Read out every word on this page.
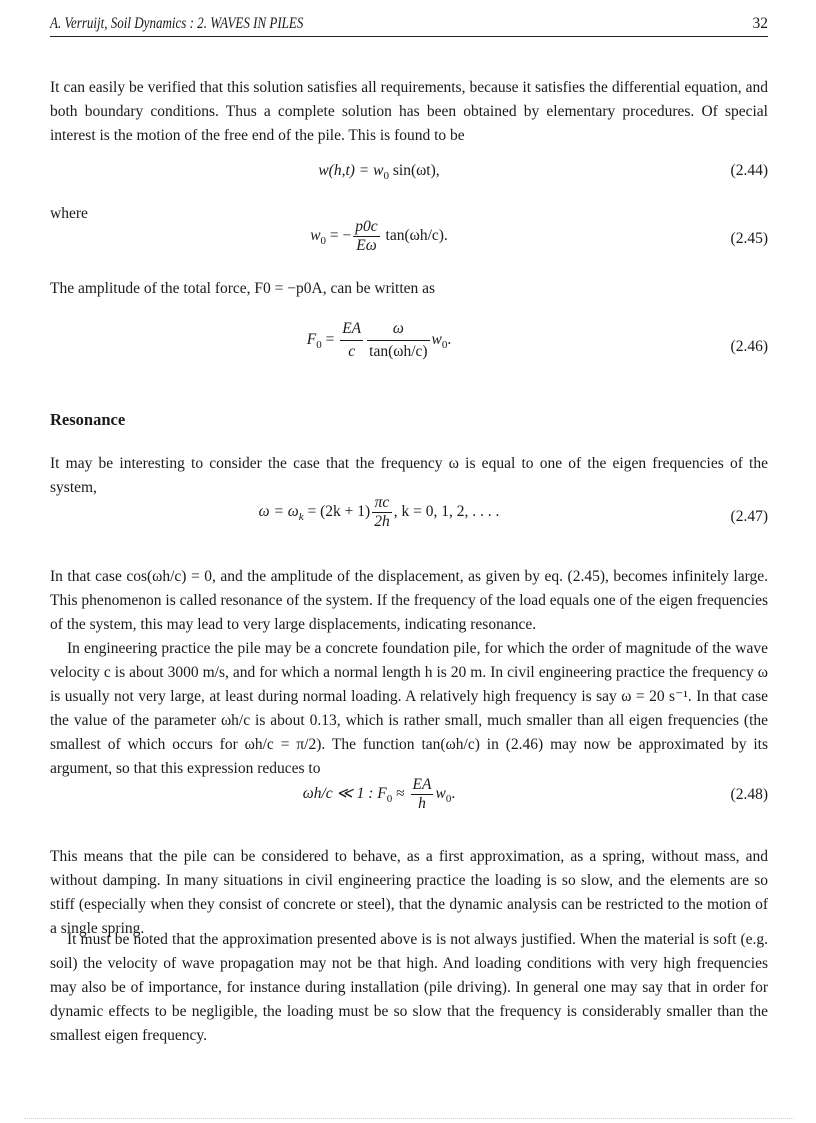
A. Verruijt, Soil Dynamics : 2. WAVES IN PILES	32

It can easily be verified that this solution satisfies all requirements, because it satisfies the differential equation, and both boundary conditions. Thus a complete solution has been obtained by elementary procedures. Of special interest is the motion of the free end of the pile. This is found to be

$w(h,t) = w_0$ sin(ωt),	(2.44)

where

$w_0$ = − $\frac{p0c}{E\omega} \tan(\omega h/c)$.	(2.45)

The amplitude of the total force, F0 = −p0A, can be written as

$F_0 = \frac{EA}{c} \frac{\omega}{\tan(\omega h/c)} w_0$.	(2.46)
Resonance

It may be interesting to consider the case that the frequency ω is equal to one of the eigen frequencies of the system,

$\omega = \omega_k = (2k + 1) \frac{\pi c}{2h}$ , k = 0, 1, 2, . . . .	(2.47)

In that case cos(ωh/c) = 0, and the amplitude of the displacement, as given by eq. (2.45), becomes infinitely large. This phenomenon is called resonance of the system. If the frequency of the load equals one of the eigen frequencies of the system, this may lead to very large displacements, indicating resonance.

In engineering practice the pile may be a concrete foundation pile, for which the order of magnitude of the wave velocity c is about 3000 m/s, and for which a normal length h is 20 m. In civil engineering practice the frequency ω is usually not very large, at least during normal loading. A relatively high frequency is say ω = 20 s⁻¹. In that case the value of the parameter ωh/c is about 0.13, which is rather small, much smaller than all eigen frequencies (the smallest of which occurs for ωh/c = π/2). The function tan(ωh/c) in (2.46) may now be approximated by its argument, so that this expression reduces to

ωh/c ≪ 1 : $F_0 \approx \frac{EA}{h} w_0$.	(2.48)

This means that the pile can be considered to behave, as a first approximation, as a spring, without mass, and without damping. In many situations in civil engineering practice the loading is so slow, and the elements are so stiff (especially when they consist of concrete or steel), that the dynamic analysis can be restricted to the motion of a single spring.

It must be noted that the approximation presented above is is not always justified. When the material is soft (e.g. soil) the velocity of wave propagation may not be that high. And loading conditions with very high frequencies may also be of importance, for instance during installation (pile driving). In general one may say that in order for dynamic effects to be negligible, the loading must be so slow that the frequency is considerably smaller than the smallest eigen frequency.
